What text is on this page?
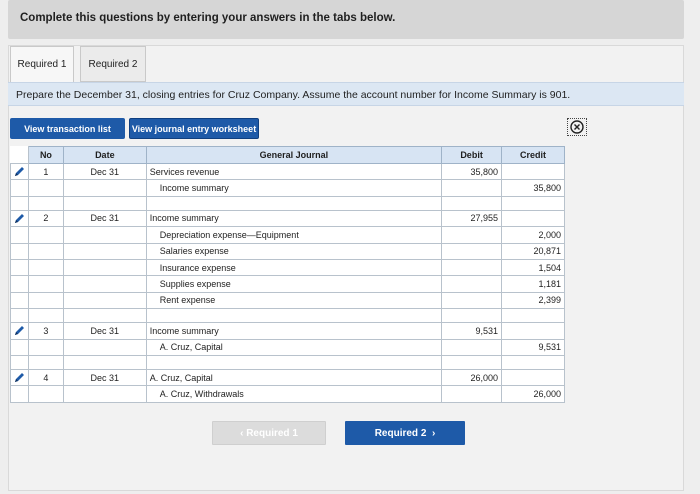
Complete this questions by entering your answers in the tabs below.
Required 1 Required 2
Prepare the December 31, closing entries for Cruz Company. Assume the account number for Income Summary is 901.
View transaction list View journal entry worksheet
	No	Date	General Journal	Debit	Credit
	1	Dec 31	Services revenue	35,800	
			Income summary		35,800

	2	Dec 31	Income summary	27,955	
			Depreciation expense—Equipment		2,000
			Salaries expense		20,871
			Insurance expense		1,504
			Supplies expense		1,181
			Rent expense		2,399

	3	Dec 31	Income summary	9,531	
			A. Cruz, Capital		9,531

	4	Dec 31	A. Cruz, Capital	26,000	
			A. Cruz, Withdrawals		26,000
‹ Required 1	Required 2 ›
